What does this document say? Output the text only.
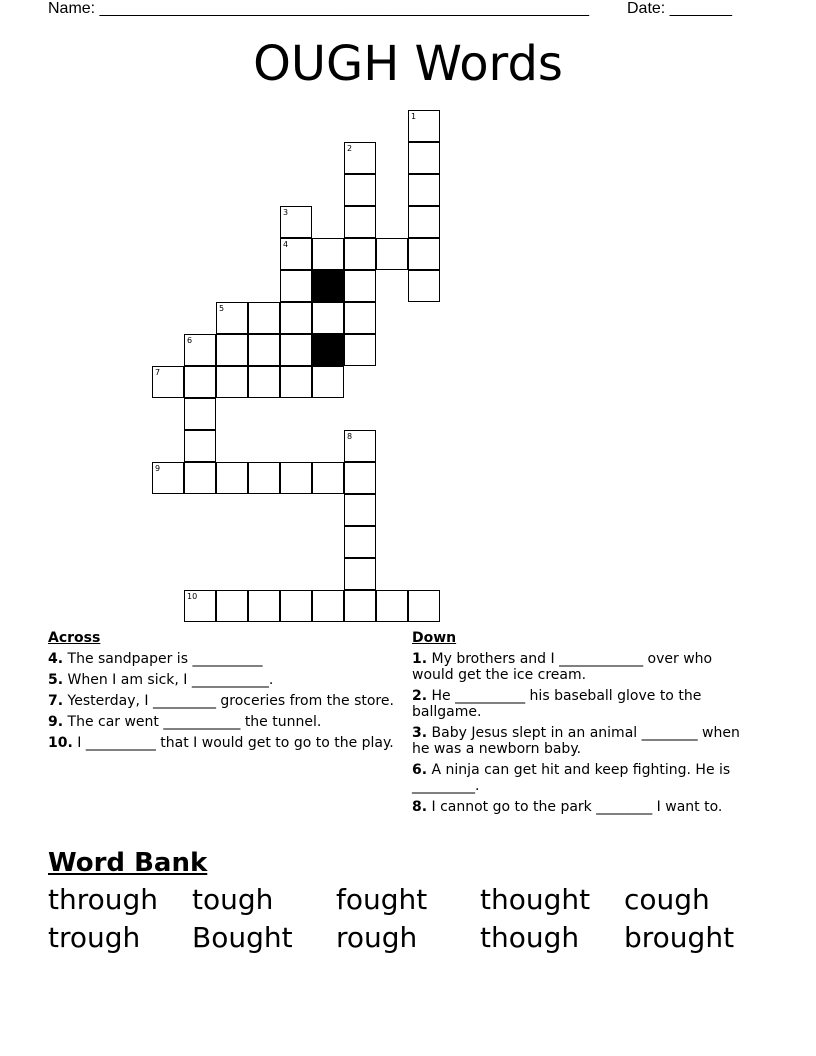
Name: _______________________________________________________ Date: _______
OUGH Words
1
2
3
4
5
6
7
8
9
10
Across
4. The sandpaper is __________
5. When I am sick, I ___________.
7. Yesterday, I _________ groceries from the store.
9. The car went ___________ the tunnel.
10. I __________ that I would get to go to the play.
Down
1. My brothers and I ____________ over who would get the ice cream.
2. He __________ his baseball glove to the ballgame.
3. Baby Jesus slept in an animal ________ when he was a newborn baby.
6. A ninja can get hit and keep fighting. He is _________.
8. I cannot go to the park ________ I want to.
Word Bank
through tough fought thought cough
trough Bought rough though brought
